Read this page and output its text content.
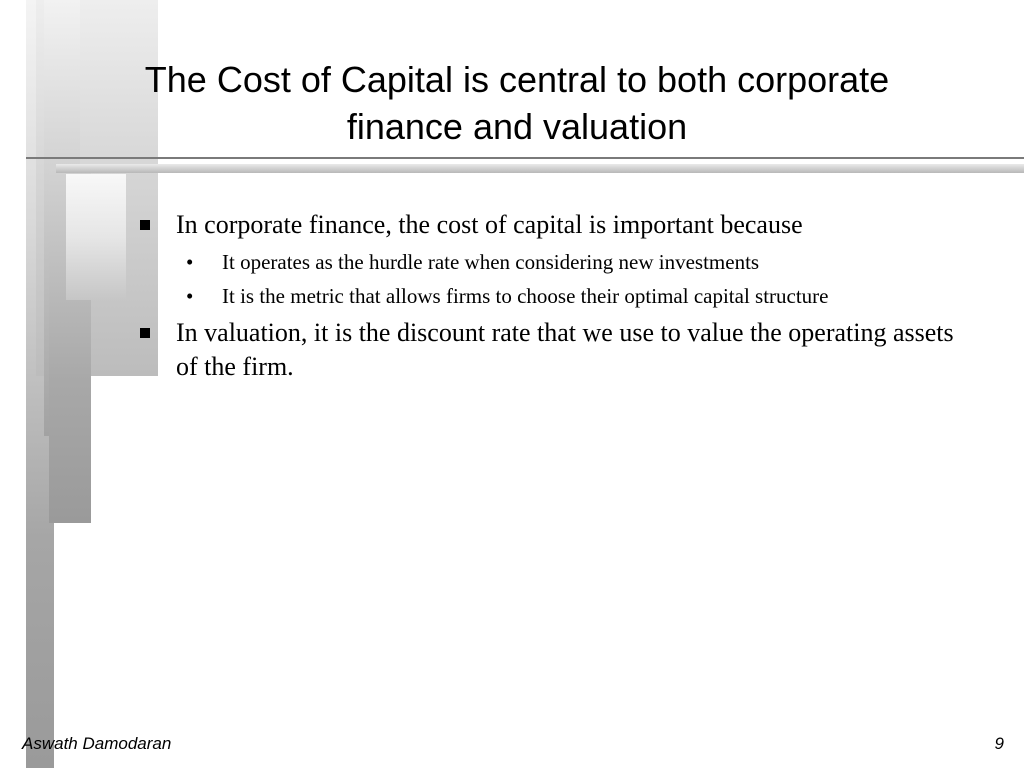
The Cost of Capital is central to both corporate finance and valuation
In corporate finance, the cost of capital is important because
• It operates as the hurdle rate when considering new investments
• It is the metric that allows firms to choose their optimal capital structure
In valuation, it is the discount rate that we use to value the operating assets of the firm.
Aswath Damodaran	9
